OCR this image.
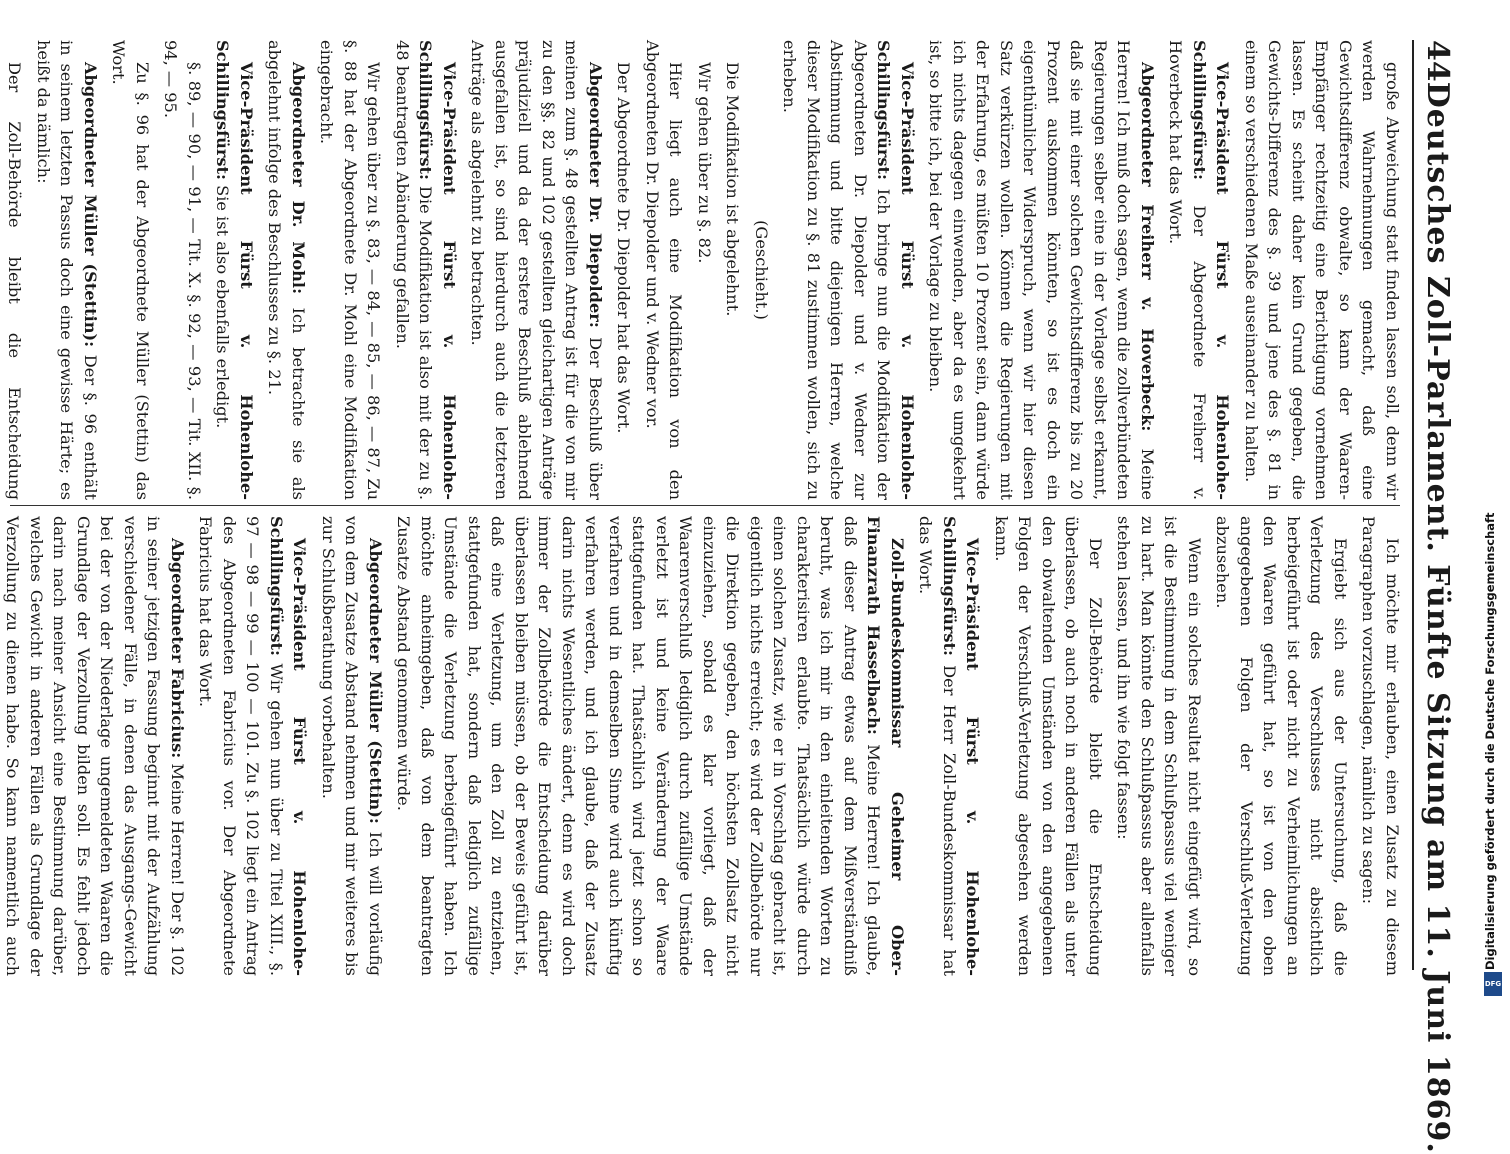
44
Deutsches Zoll-Parlament. Fünfte Sitzung am 11. Juni 1869.

große Abweichung statt finden lassen soll, denn wir werden Wahrnehmungen gemacht, daß eine Gewichtsdifferenz obwalte, so kann der Waaren-Empfänger rechtzeitig eine Berichtigung vornehmen lassen. Es scheint daher kein Grund gegeben, die Gewichts-Differenz des §. 39 und jene des §. 81 in einem so verschiedenen Maße auseinander zu halten.

Vice-Präsident Fürst v. Hohenlohe-Schillingsfürst: Der Abgeordnete Freiherr v. Hoverbeck hat das Wort.

Abgeordneter Freiherr v. Hoverbeck: Meine Herren! Ich muß doch sagen, wenn die zollverbündeten Regierungen selber eine in der Vorlage selbst erkannt, daß sie mit einer solchen Gewichtsdifferenz bis zu 20 Prozent auskommen könnten, so ist es doch ein eigenthümlicher Widerspruch, wenn wir hier diesen Satz verkürzen wollen. Können die Regierungen mit der Erfahrung, es müßten 10 Prozent sein, dann würde ich nichts dagegen einwenden, aber da es umgekehrt ist, so bitte ich, bei der Vorlage zu bleiben.

Vice-Präsident Fürst v. Hohenlohe-Schillingsfürst: Ich bringe nun die Modifikation der Abgeordneten Dr. Diepolder und v. Wedner zur Abstimmung und bitte diejenigen Herren, welche dieser Modifikation zu §. 81 zustimmen wollen, sich zu erheben.

(Geschieht.)

Die Modifikation ist abgelehnt.

Wir gehen über zu §. 82.

Hier liegt auch eine Modifikation von den Abgeordneten Dr. Diepolder und v. Wedner vor.

Der Abgeordnete Dr. Diepolder hat das Wort.

Abgeordneter Dr. Diepolder: Der Beschluß über meinen zum §. 48 gestellten Antrag ist für die von mir zu den §§. 82 und 102 gestellten gleichartigen Anträge präjudiziell und da der erstere Beschluß ablehnend ausgefallen ist, so sind hierdurch auch die letzteren Anträge als abgelehnt zu betrachten.

Vice-Präsident Fürst v. Hohenlohe-Schillingsfürst: Die Modifikation ist also mit der zu §. 48 beantragten Abänderung gefallen.

Wir gehen über zu §. 83, — 84, — 85, — 86, — 87, Zu §. 88 hat der Abgeordnete Dr. Mohl eine Modifikation eingebracht.

Abgeordneter Dr. Mohl: Ich betrachte sie als abgelehnt infolge des Beschlusses zu §. 21.

Vice-Präsident Fürst v. Hohenlohe-Schillingsfürst: Sie ist also ebenfalls erledigt.

§. 89, — 90, — 91, — Tit. X. §. 92, — 93, — Tit. XII. §. 94, — 95.

Zu §. 96 hat der Abgeordnete Müller (Stettin) das Wort.

Abgeordneter Müller (Stettin): Der §. 96 enthält in seinem letzten Passus doch eine gewisse Härte; es heißt da nämlich:

Der Zoll-Behörde bleibt die Entscheidung

Ich möchte mir erlauben, einen Zusatz zu diesem Paragraphen vorzuschlagen, nämlich zu sagen:

Ergiebt sich aus der Untersuchung, daß die Verletzung des Verschlusses nicht absichtlich herbeigeführt ist oder nicht zu Verheimlichungen an den Waaren geführt hat, so ist von den oben angegebenen Folgen der Verschluß-Verletzung abzusehen.

Wenn ein solches Resultat nicht eingefügt wird, so ist die Bestimmung in dem Schlußpassus viel weniger zu hart. Man könnte den Schlußpassus aber allenfalls stehen lassen, und ihn wie folgt fassen:

Der Zoll-Behörde bleibt die Entscheidung überlassen, ob auch noch in anderen Fällen als unter den obwaltenden Umständen von den angegebenen Folgen der Verschluß-Verletzung abgesehen werden kann.

Vice-Präsident Fürst v. Hohenlohe-Schillingsfürst: Der Herr Zoll-Bundeskommissar hat das Wort.

Zoll-Bundeskommissar Geheimer Ober-Finanzrath Hasselbach: Meine Herren! Ich glaube, daß dieser Antrag etwas auf dem Mißverständniß beruht, was ich mir in den einleitenden Worten zu charakterisiren erlaubte. Thatsächlich würde durch einen solchen Zusatz, wie er in Vorschlag gebracht ist, eigentlich nichts erreicht; es wird der Zollbehörde nur die Direktion gegeben, den höchsten Zollsatz nicht einzuziehen, sobald es klar vorliegt, daß der Waarenverschluß lediglich durch zufällige Umstände verletzt ist und keine Veränderung der Waare stattgefunden hat. Thatsächlich wird jetzt schon so verfahren und in demselben Sinne wird auch künftig verfahren werden, und ich glaube, daß der Zusatz darin nichts Wesentliches ändert, denn es wird doch immer der Zollbehörde die Entscheidung darüber überlassen bleiben müssen, ob der Beweis geführt ist, daß eine Verletzung, um den Zoll zu entziehen, stattgefunden hat, sondern daß lediglich zufällige Umstände die Verletzung herbeigeführt haben. Ich möchte anheimgeben, daß von dem beantragten Zusatze Abstand genommen würde.

Abgeordneter Müller (Stettin): Ich will vorläufig von dem Zusatze Abstand nehmen und mir weiteres bis zur Schlußberathung vorbehalten.

Vice-Präsident Fürst v. Hohenlohe-Schillingsfürst: Wir gehen nun über zu Titel XIII., §. 97 — 98 — 99 — 100 — 101. Zu §. 102 liegt ein Antrag des Abgeordneten Fabricius vor. Der Abgeordnete Fabricius hat das Wort.

Abgeordneter Fabricius: Meine Herren! Der §. 102 in seiner jetzigen Fassung beginnt mit der Aufzählung verschiedener Fälle, in denen das Ausgangs-Gewicht bei der von der Niederlage ungemeldeten Waaren die Grundlage der Verzollung bilden soll. Es fehlt jedoch darin nach meiner Ansicht eine Bestimmung darüber, welches Gewicht in anderen Fällen als Grundlage der Verzollung zu dienen habe. So kann namentlich auch	Digitalisierung gefördert durch die Deutsche Forschungsgemeinschaft
DFG
